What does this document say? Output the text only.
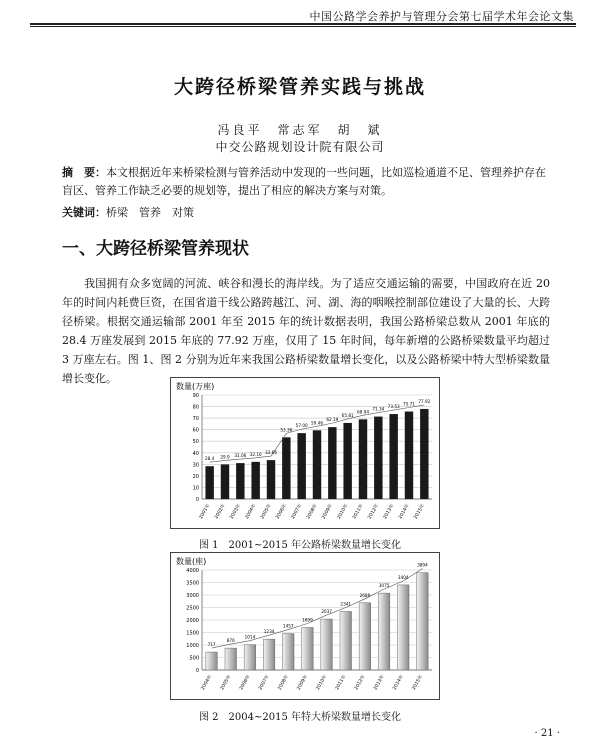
中国公路学会养护与管理分会第七届学术年会论文集
大跨径桥梁管养实践与挑战
冯良平　常志军　胡　斌
中交公路规划设计院有限公司
摘　要：本文根据近年来桥梁检测与管养活动中发现的一些问题，比如巡检通道不足、管理养护存在盲区、管养工作缺乏必要的规划等，提出了相应的解决方案与对策。
关键词：桥梁　管养　对策
一、大跨径桥梁管养现状
我国拥有众多宽阔的河流、峡谷和漫长的海岸线。为了适应交通运输的需要，中国政府在近 20 年的时间内耗费巨资，在国省道干线公路跨越江、河、湖、海的咽喉控制部位建设了大量的长、大跨径桥梁。根据交通运输部 2001 年至 2015 年的统计数据表明，我国公路桥梁总数从 2001 年底的 28.4 万座发展到 2015 年底的 77.92 万座，仅用了 15 年时间，每年新增的公路桥梁数量平均超过 3 万座左右。图 1、图 2 分别为近年来我国公路桥梁数量增长变化，以及公路桥梁中特大型桥梁数量增长变化。
数量(万座)
0
10
20
30
40
50
60
70
80
90
28.4
2001年
29.9
2002年
31.06
2003年
32.16
2004年
33.66
2005年
53.36
2006年
57.00
2007年
59.46
2008年
62.19
2009年
65.81
2010年
68.94
2011年
71.34
2012年
73.53
2013年
75.71
2014年
77.92
2015年
图 1　2001~2015 年公路桥梁数量增长变化
数量(座)
0
500
1000
1500
2000
2500
3000
3500
4000
717
2004年
876
2005年
1014
2006年
1234
2007年
1457
2008年
1699
2009年
2037
2010年
2341
2011年
2688
2012年
3075
2013年
3404
2014年
3894
2015年
图 2　2004~2015 年特大桥梁数量增长变化
· 21 ·
